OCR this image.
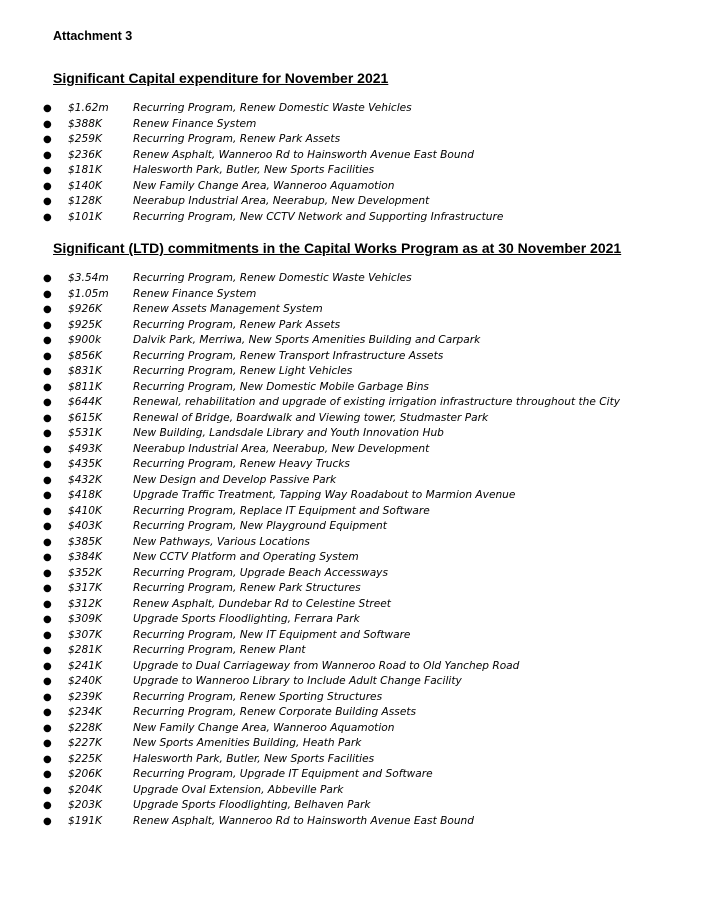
Attachment 3
Significant Capital expenditure for November 2021
● $1.62m Recurring Program, Renew Domestic Waste Vehicles
● $388K	Renew Finance System
● $259K	Recurring Program, Renew Park Assets
● $236K	Renew Asphalt, Wanneroo Rd to Hainsworth Avenue East Bound
● $181K	Halesworth Park, Butler, New Sports Facilities
● $140K	New Family Change Area, Wanneroo Aquamotion
● $128K	Neerabup Industrial Area, Neerabup, New Development
● $101K	Recurring Program, New CCTV Network and Supporting Infrastructure
Significant (LTD) commitments in the Capital Works Program as at 30 November 2021
● $3.54m Recurring Program, Renew Domestic Waste Vehicles
● $1.05m Renew Finance System
● $926K	Renew Assets Management System
● $925K	Recurring Program, Renew Park Assets
● $900k	Dalvik Park, Merriwa, New Sports Amenities Building and Carpark
● $856K	Recurring Program, Renew Transport Infrastructure Assets
● $831K	Recurring Program, Renew Light Vehicles
● $811K	Recurring Program, New Domestic Mobile Garbage Bins
● $644K	Renewal, rehabilitation and upgrade of existing irrigation infrastructure throughout the City
● $615K	Renewal of Bridge, Boardwalk and Viewing tower, Studmaster Park
● $531K	New Building, Landsdale Library and Youth Innovation Hub
● $493K	Neerabup Industrial Area, Neerabup, New Development
● $435K	Recurring Program, Renew Heavy Trucks
● $432K	New Design and Develop Passive Park
● $418K	Upgrade Traffic Treatment, Tapping Way Roadabout to Marmion Avenue
● $410K	Recurring Program, Replace IT Equipment and Software
● $403K	Recurring Program, New Playground Equipment
● $385K	New Pathways, Various Locations
● $384K	New CCTV Platform and Operating System
● $352K	Recurring Program, Upgrade Beach Accessways
● $317K	Recurring Program, Renew Park Structures
● $312K	Renew Asphalt, Dundebar Rd to Celestine Street
● $309K	Upgrade Sports Floodlighting, Ferrara Park
● $307K	Recurring Program, New IT Equipment and Software
● $281K	Recurring Program, Renew Plant
● $241K	Upgrade to Dual Carriageway from Wanneroo Road to Old Yanchep Road
● $240K	Upgrade to Wanneroo Library to Include Adult Change Facility
● $239K	Recurring Program, Renew Sporting Structures
● $234K	Recurring Program, Renew Corporate Building Assets
● $228K	New Family Change Area, Wanneroo Aquamotion
● $227K	New Sports Amenities Building, Heath Park
● $225K	Halesworth Park, Butler, New Sports Facilities
● $206K	Recurring Program, Upgrade IT Equipment and Software
● $204K	Upgrade Oval Extension, Abbeville Park
● $203K	Upgrade Sports Floodlighting, Belhaven Park
● $191K	Renew Asphalt, Wanneroo Rd to Hainsworth Avenue East Bound
